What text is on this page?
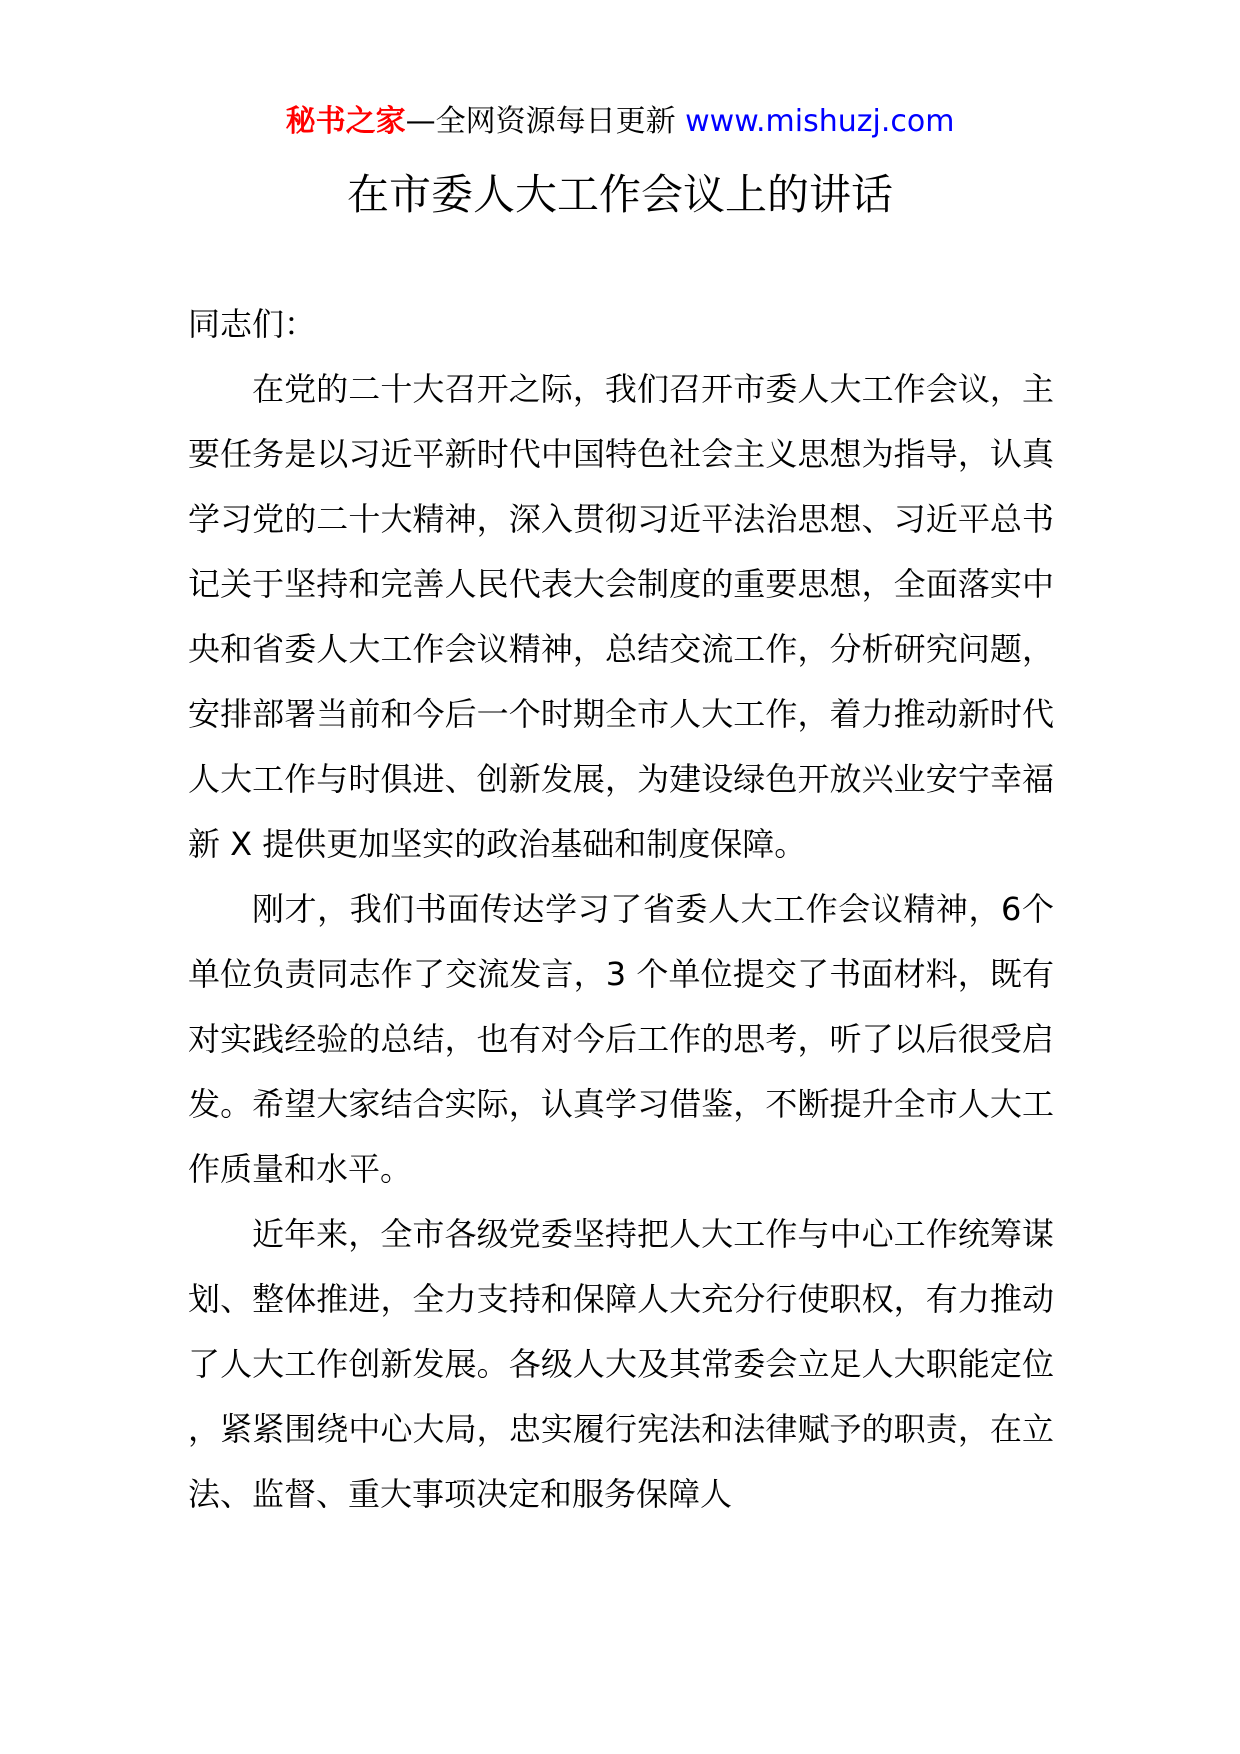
秘书之家—全网资源每日更新 www.mishuzj.com
在市委人大工作会议上的讲话

同志们：

在党的二十大召开之际，我们召开市委人大工作会议，主要任务是以习近平新时代中国特色社会主义思想为指导，认真学习党的二十大精神，深入贯彻习近平法治思想、习近平总书记关于坚持和完善人民代表大会制度的重要思想，全面落实中央和省委人大工作会议精神，总结交流工作，分析研究问题，安排部署当前和今后一个时期全市人大工作，着力推动新时代人大工作与时俱进、创新发展，为建设绿色开放兴业安宁幸福新 X 提供更加坚实的政治基础和制度保障。

刚才，我们书面传达学习了省委人大工作会议精神，6个单位负责同志作了交流发言，3 个单位提交了书面材料，既有对实践经验的总结，也有对今后工作的思考，听了以后很受启发。希望大家结合实际，认真学习借鉴，不断提升全市人大工作质量和水平。

近年来，全市各级党委坚持把人大工作与中心工作统筹谋划、整体推进，全力支持和保障人大充分行使职权，有力推动了人大工作创新发展。各级人大及其常委会立足人大职能定位，紧紧围绕中心大局，忠实履行宪法和法律赋予的职责，在立法、监督、重大事项决定和服务保障人
